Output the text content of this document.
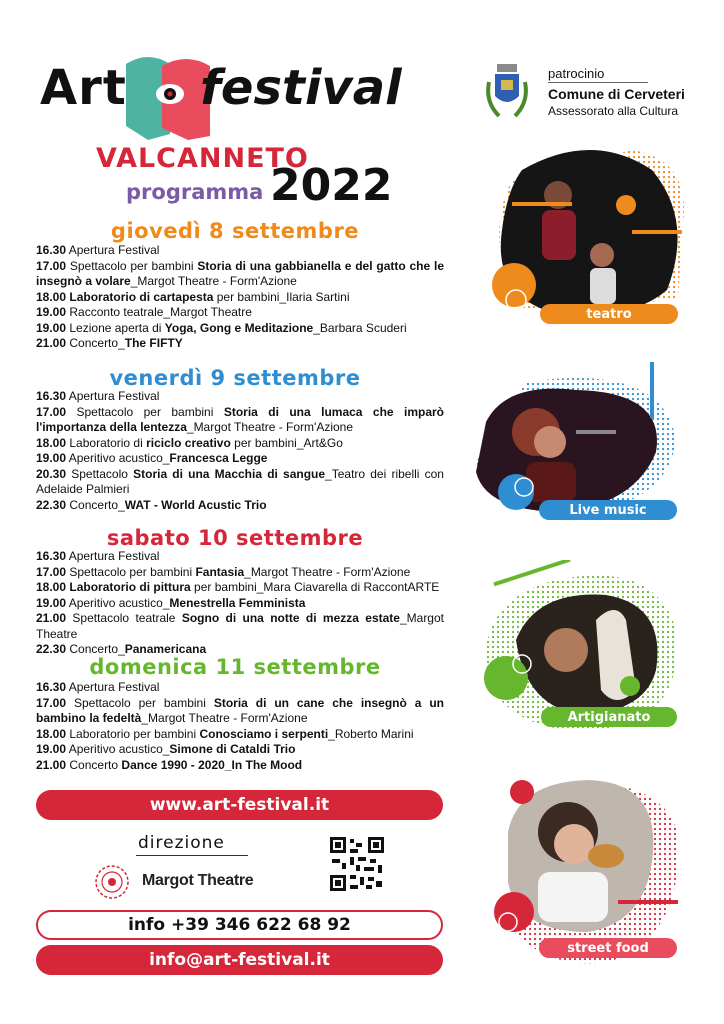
Art festival
VALCANNETO
programma 2022
patrocinio
Comune di Cerveteri
Assessorato alla Cultura
giovedì 8 settembre

16.30 Apertura Festival

17.00 Spettacolo per bambini Storia di una gabbianella e del gatto che le insegnò a volare_Margot Theatre - Form'Azione

18.00 Laboratorio di cartapesta per bambini_Ilaria Sartini

19.00 Racconto teatrale_Margot Theatre

19.00 Lezione aperta di Yoga, Gong e Meditazione_Barbara Scuderi

21.00 Concerto_The FIFTY

venerdì 9 settembre

16.30 Apertura Festival

17.00 Spettacolo per bambini Storia di una lumaca che imparò l'importanza della lentezza_Margot Theatre - Form'Azione

18.00 Laboratorio di riciclo creativo per bambini_Art&Go

19.00 Aperitivo acustico_Francesca Legge

20.30 Spettacolo Storia di una Macchia di sangue_Teatro dei ribelli con Adelaide Palmieri

22.30 Concerto_WAT - World Acustic Trio

sabato 10 settembre

16.30 Apertura Festival

17.00 Spettacolo per bambini Fantasia_Margot Theatre - Form'Azione

18.00 Laboratorio di pittura per bambini_Mara Ciavarella di RaccontARTE

19.00 Aperitivo acustico_Menestrella Femminista

21.00 Spettacolo teatrale Sogno di una notte di mezza estate_Margot Theatre

22.30 Concerto_Panamericana

domenica 11 settembre

16.30 Apertura Festival

17.00 Spettacolo per bambini Storia di un cane che insegnò a un bambino la fedeltà_Margot Theatre - Form'Azione

18.00 Laboratorio per bambini Conosciamo i serpenti_Roberto Marini

19.00 Aperitivo acustico_Simone di Cataldi Trio

21.00 Concerto Dance 1990 - 2020_In The Mood

www.art-festival.it
direzione
Margot Theatre
info +39 346 622 68 92
info@art-festival.it
teatro
Live music
Artigianato
street food
